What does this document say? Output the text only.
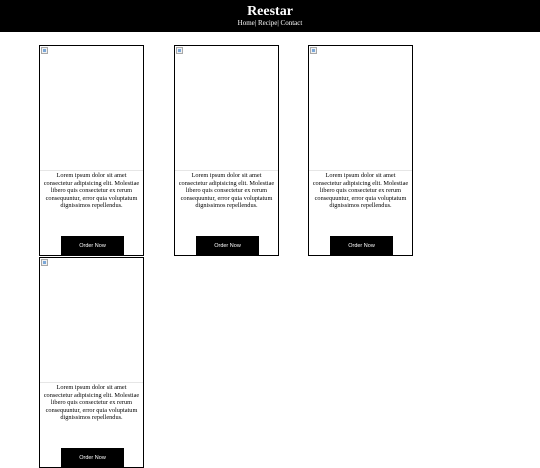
Reestar
Home| Recipe| Contact
Lorem ipsum dolor sit amet consectetur adipisicing elit. Molestiae libero quis consectetur ex rerum consequuntur, error quia voluptatum dignissimos repellendus.
Order Now
Lorem ipsum dolor sit amet consectetur adipisicing elit. Molestiae libero quis consectetur ex rerum consequuntur, error quia voluptatum dignissimos repellendus.
Order Now
Lorem ipsum dolor sit amet consectetur adipisicing elit. Molestiae libero quis consectetur ex rerum consequuntur, error quia voluptatum dignissimos repellendus.
Order Now
Lorem ipsum dolor sit amet consectetur adipisicing elit. Molestiae libero quis consectetur ex rerum consequuntur, error quia voluptatum dignissimos repellendus.
Order Now
